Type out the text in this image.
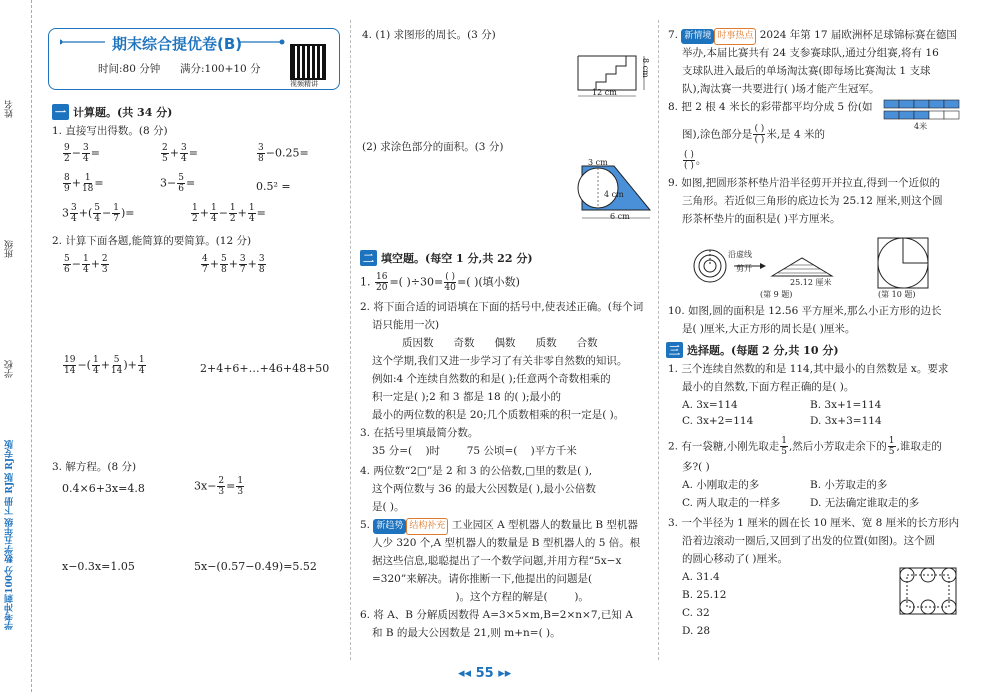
学考冲刺100分 数学五年级 下册 RJ版 RJ专版
姓名
班级
学校
期末综合提优卷(B)
时间:80 分钟 满分:100+10 分
视频精讲
一 计算题。(共 34 分)
1. 直接写出得数。(8 分)
$\frac{9}{2} - \frac{3}{4}$ =	$\frac{2}{5} + \frac{3}{4}$ =	$\frac{3}{8} -0.25=$
$\frac{8}{9} + \frac{1}{18}$ =	$3- \frac{5}{6}$ =	0.5² =
$3 \frac{3}{4}$ +( $\frac{5}{4} - \frac{1}{7}$ )=	$\frac{1}{2} + \frac{1}{4} - \frac{1}{2} + \frac{1}{4}$ =
2. 计算下面各题,能简算的要简算。(12 分)
$\frac{5}{6} - \frac{1}{4} + \frac{2}{3}$	$\frac{4}{7} + \frac{5}{8} + \frac{3}{7} + \frac{3}{8}$
$\frac{19}{14}$ −( $\frac{1}{4} + \frac{5}{14}$ )+ $\frac{1}{4}$	2+4+6+…+46+48+50
3. 解方程。(8 分)
0.4×6+3x=4.8	$3x- \frac{2}{3} = \frac{1}{3}$
x−0.3x=1.05	5x−(0.57−0.49)=5.52
4. (1) 求图形的周长。(3 分)
8 cm
12 cm
(2) 求涂色部分的面积。(3 分)
3 cm
4 cm
6 cm
二 填空题。(每空 1 分,共 22 分)
1. $\frac{16}{20}$ =( )$\div 30= \frac{( )}{40}$ =( )(填小数)
2. 将下面合适的词语填在下面的括号中,使表述正确。(每个词
语只能用一次)
质因数      奇数      偶数      质数      合数
这个学期,我们又进一步学习了有关非零自然数的知识。
例如:4 个连续自然数的和是( );任意两个奇数相乘的
积一定是( );2 和 3 都是 18 的( );最小的
最小的两位数的积是 20;几个质数相乘的积一定是( )。
3. 在括号里填最简分数。
35 分=(    )时        75 公顷=(    )平方千米
4. 两位数“2□”是 2 和 3 的公倍数,□里的数是( ),
这个两位数与 36 的最大公因数是( ),最小公倍数
是( )。
5. 新趋势 结构补充 工业园区 A 型机器人的数量比 B 型机器
人少 320 个,A 型机器人的数量是 B 型机器人的 5 倍。根
据这些信息,聪聪提出了一个数学问题,并用方程“5x−x
=320”来解决。请你推断一下,他提出的问题是(
)。这个方程的解是(        )。
6. 将 A、B 分解质因数得 A=3×5×m,B=2×n×7,已知 A
和 B 的最大公因数是 21,则 m+n=( )。
7. 新情境 时事热点 2024 年第 17 届欧洲杯足球锦标赛在德国
举办,本届比赛共有 24 支参赛球队,通过分组赛,将有 16
支球队进入最后的单场淘汰赛(即每场比赛淘汰 1 支球
队),淘汰赛一共要进行( )场才能产生冠军。
8. 把 2 根 4 米长的彩带都平均分成 5 份(如
图),涂色部分是 $\frac{( )}{( )}$ 米,是 4 米的
$\frac{( )}{( )}$ 。
4米
9. 如图,把圆形茶杯垫片沿半径剪开并拉直,得到一个近似的
三角形。若近似三角形的底边长为 25.12 厘米,则这个圆
形茶杯垫片的面积是( )平方厘米。
沿虚线
剪开
25.12 厘米
(第 9 题)	(第 10 题)
10. 如图,圆的面积是 12.56 平方厘米,那么小正方形的边长
是( )厘米,大正方形的周长是( )厘米。
三 选择题。(每题 2 分,共 10 分)
1. 三个连续自然数的和是 114,其中最小的自然数是 x。要求
最小的自然数,下面方程正确的是( )。
A. 3x=114	B. 3x+1=114
C. 3x+2=114	D. 3x+3=114
2. 有一袋糖,小刚先取走 $\frac{1}{5}$ ,然后小芳取走余下的 $\frac{1}{5}$ ,谁取走的
多?( )
A. 小刚取走的多	B. 小芳取走的多
C. 两人取走的一样多	D. 无法确定谁取走的多
3. 一个半径为 1 厘米的圆在长 10 厘米、宽 8 厘米的长方形内
沿着边滚动一圈后,又回到了出发的位置(如图)。这个圆
的圆心移动了( )厘米。
A. 31.4
B. 25.12
C. 32
D. 28
◂◂ 55 ▸▸
